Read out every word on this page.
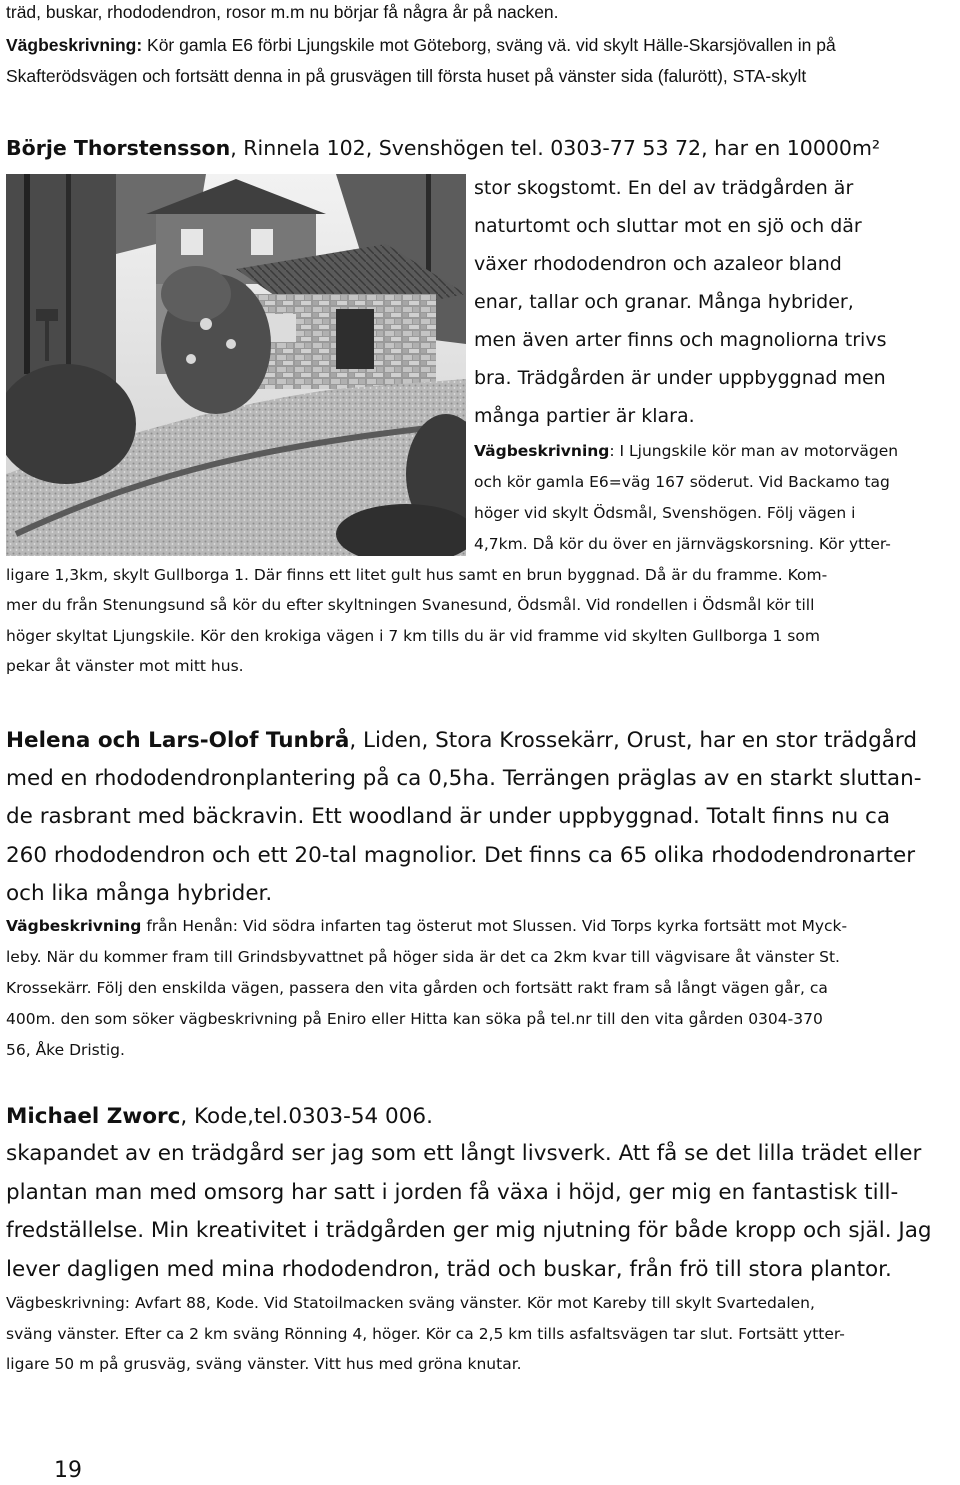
träd, buskar, rhododendron, rosor m.m nu börjar få några år på nacken.

Vägbeskrivning: Kör gamla E6 förbi Ljungskile mot Göteborg, sväng vä. vid skylt Hälle-Skarsjövallen in på

Skafterödsvägen och fortsätt denna in på grusvägen till första huset på vänster sida (falurött), STA-skylt

Börje Thorstensson, Rinnela 102, Svenshögen tel. 0303-77 53 72, har en 10000m²

stor skogstomt. En del av trädgården är

naturtomt och sluttar mot en sjö och där

växer rhododendron och azaleor bland

enar, tallar och granar. Många hybrider,

men även arter finns och magnoliorna trivs

bra. Trädgården är under uppbyggnad men

många partier är klara.

Vägbeskrivning: I Ljungskile kör man av motorvägen

och kör gamla E6=väg 167 söderut. Vid Backamo tag

höger vid skylt Ödsmål, Svenshögen. Följ vägen i

4,7km. Då kör du över en järnvägskorsning. Kör ytter-

ligare 1,3km, skylt Gullborga 1. Där finns ett litet gult hus samt en brun byggnad. Då är du framme. Kom-

mer du från Stenungsund så kör du efter skyltningen Svanesund, Ödsmål. Vid rondellen i Ödsmål kör till

höger skyltat Ljungskile. Kör den krokiga vägen i 7 km tills du är vid framme vid skylten Gullborga 1 som

pekar åt vänster mot mitt hus.

Helena och Lars-Olof Tunbrå, Liden, Stora Krossekärr, Orust, har en stor trädgård

med en rhododendronplantering på ca 0,5ha. Terrängen präglas av en starkt sluttan-

de rasbrant med bäckravin. Ett woodland är under uppbyggnad. Totalt finns nu ca

260 rhododendron och ett 20-tal magnolior. Det finns ca 65 olika rhododendronarter

och lika många hybrider.

Vägbeskrivning från Henån: Vid södra infarten tag österut mot Slussen. Vid Torps kyrka fortsätt mot Myck-

leby. När du kommer fram till Grindsbyvattnet på höger sida är det ca 2km kvar till vägvisare åt vänster St.

Krossekärr. Följ den enskilda vägen, passera den vita gården och fortsätt rakt fram så långt vägen går, ca

400m. den som söker vägbeskrivning på Eniro eller Hitta kan söka på tel.nr till den vita gården 0304-370

56, Åke Dristig.

Michael Zworc, Kode,tel.0303-54 006.

skapandet av en trädgård ser jag som ett långt livsverk. Att få se det lilla trädet eller

plantan man med omsorg har satt i jorden få växa i höjd, ger mig en fantastisk till-

fredställelse. Min kreativitet i trädgården ger mig njutning för både kropp och själ. Jag

lever dagligen med mina rhododendron, träd och buskar, från frö till stora plantor.

Vägbeskrivning: Avfart 88, Kode. Vid Statoilmacken sväng vänster. Kör mot Kareby till skylt Svartedalen,

sväng vänster. Efter ca 2 km sväng Rönning 4, höger. Kör ca 2,5 km tills asfaltsvägen tar slut. Fortsätt ytter-

ligare 50 m på grusväg, sväng vänster. Vitt hus med gröna knutar.

19
